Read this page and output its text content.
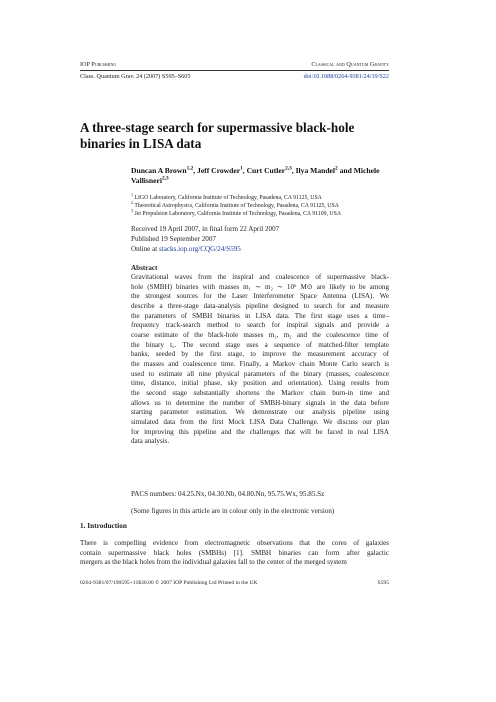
IOP Publishing	Classical and Quantum Gravity
Class. Quantum Grav. 24 (2007) S595–S605	doi:10.1088/0264-9381/24/19/S22
A three-stage search for supermassive black-hole binaries in LISA data
Duncan A Brown$^{1,2}$, Jeff Crowder$^1$, Curt Cutler$^{2,3}$, Ilya Mandel$^2$ and Michele Vallisneri$^{2,3}$
$^1$ LIGO Laboratory, California Institute of Technology, Pasadena, CA 91125, USA
$^2$ Theoretical Astrophysics, California Institute of Technology, Pasadena, CA 91125, USA
$^3$ Jet Propulsion Laboratory, California Institute of Technology, Pasadena, CA 91109, USA
Received 19 April 2007, in final form 22 April 2007
Published 19 September 2007
Online at stacks.iop.org/CQG/24/S595
Abstract
Gravitational waves from the inspiral and coalescence of supermassive black-
hole (SMBH) binaries with masses m₁ ∼ m₂ ∼ 10⁶ M⊙ are likely to be among
the strongest sources for the Laser Interferometer Space Antenna (LISA). We
describe a three-stage data-analysis pipeline designed to search for and measure
the parameters of SMBH binaries in LISA data. The first stage uses a time–
frequency track-search method to search for inspiral signals and provide a
coarse estimate of the black-hole masses m₁, m₂ and the coalescence time of
the binary t꜀. The second stage uses a sequence of matched-filter template
banks, seeded by the first stage, to improve the measurement accuracy of
the masses and coalescence time. Finally, a Markov chain Monte Carlo search is
used to estimate all nine physical parameters of the binary (masses, coalescence
time, distance, initial phase, sky position and orientation). Using results from
the second stage substantially shortens the Markov chain burn-in time and
allows us to determine the number of SMBH-binary signals in the data before
starting parameter estimation. We demonstrate our analysis pipeline using
simulated data from the first Mock LISA Data Challenge. We discuss our plan
for improving this pipeline and the challenges that will be faced in real LISA
data analysis.
PACS numbers: 04.25.Nx, 04.30.Nb, 04.80.Nn, 95.75.Wx, 95.85.Sz
(Some figures in this article are in colour only in the electronic version)
1. Introduction
There is compelling evidence from electromagnetic observations that the cores of galaxies
contain supermassive black holes (SMBHs) [1]. SMBH binaries can form after galactic
mergers as the black holes from the individual galaxies fall to the center of the merged system
0264-9381/07/190595+11$30.00 © 2007 IOP Publishing Ltd Printed in the UK	S595
